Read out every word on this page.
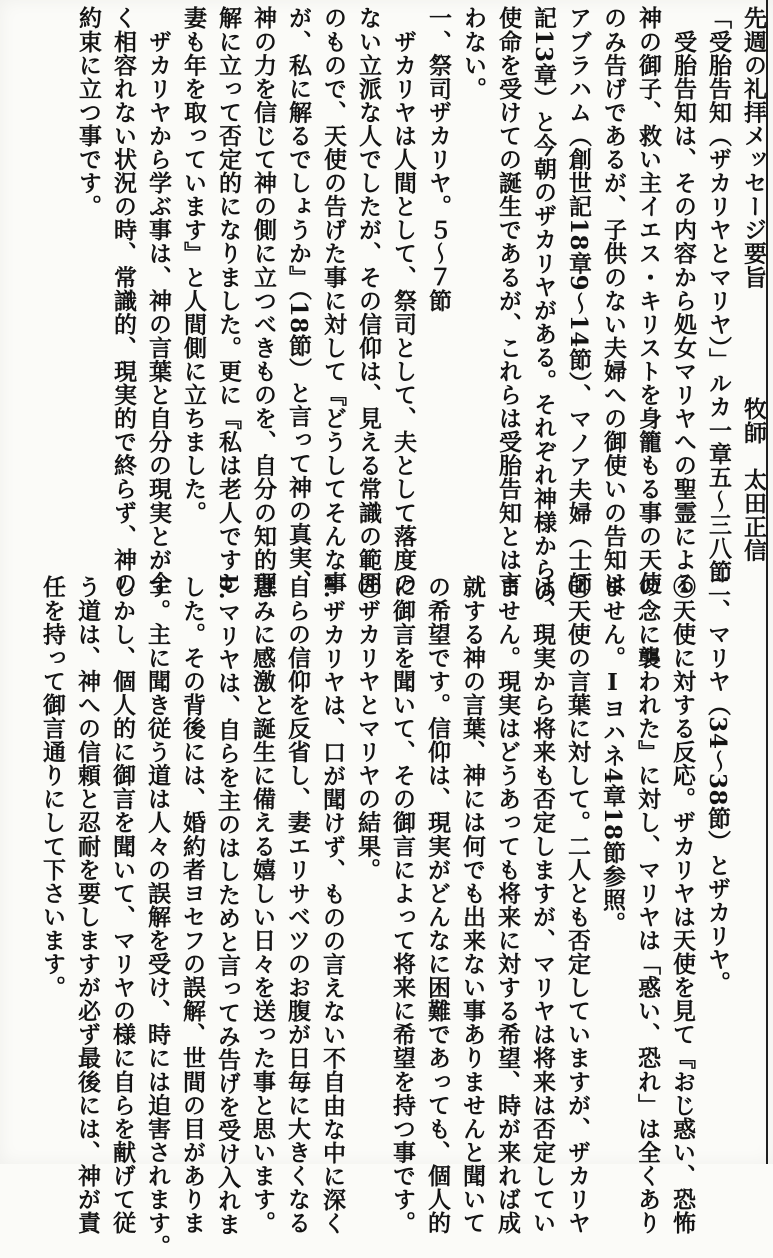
先週の礼拝メッセージ要旨
牧師　太田正信
「受胎告知（ザカリヤとマリヤ）」ルカ一章五～三八節
　受胎告知は、その内容から処女マリヤへの聖霊による
神の御子、救い主イエス・キリストを身籠もる事の天使
のみ告げであるが、子供のない夫婦への御使いの告知は
アブラハム（創世記18章9～14節）、マノア夫婦（士師
記13章）と今朝のザカリヤがある。それぞれ神様からの
使命を受けての誕生であるが、これらは受胎告知とは言
わない。
一、祭司ザカリヤ。５～７節
　ザカリヤは人間として、祭司として、夫として落度の
ない立派な人でしたが、その信仰は、見える常識の範囲
のもので、天使の告げた事に対して『どうしてそんな事
が、私に解るでしょうか』（18節）と言って神の真実、
神の力を信じて神の側に立つべきものを、自分の知的理
解に立って否定的になりました。更に『私は老人ですし
妻も年を取っています』と人間側に立ちました。
　ザカリヤから学ぶ事は、神の言葉と自分の現実とが全
く相容れない状況の時、常識的、現実的で終らず、神の
約束に立つ事です。
二、マリヤ（34～38節）とザカリヤ。
①天使に対する反応。ザカリヤは天使を見て『おじ惑い、恐怖
の念に襲われた』に対し、マリヤは「惑い、恐れ」は全くあり
ません。Ⅰヨハネ4章18節参照。
②天使の言葉に対して。二人とも否定していますが、ザカリヤ
は、現実から将来も否定しますが、マリヤは将来は否定してい
ません。現実はどうあっても将来に対する希望、時が来れば成
就する神の言葉、神には何でも出来ない事ありませんと聞いて
の希望です。信仰は、現実がどんなに困難であっても、個人的
に御言を聞いて、その御言によって将来に希望を持つ事です。
③ザカリヤとマリヤの結果。
a.ザカリヤは、口が聞けず、ものの言えない不自由な中に深く
自らの信仰を反省し、妻エリサベツのお腹が日毎に大きくなる
恵みに感激と誕生に備える嬉しい日々を送った事と思います。
b.マリヤは、自らを主のはしためと言ってみ告げを受け入れま
した。その背後には、婚約者ヨセフの誤解、世間の目がありま
す。主に聞き従う道は人々の誤解を受け、時には迫害されます。
しかし、個人的に御言を聞いて、マリヤの様に自らを献げて従
う道は、神への信頼と忍耐を要しますが必ず最後には、神が責
任を持って御言通りにして下さいます。
